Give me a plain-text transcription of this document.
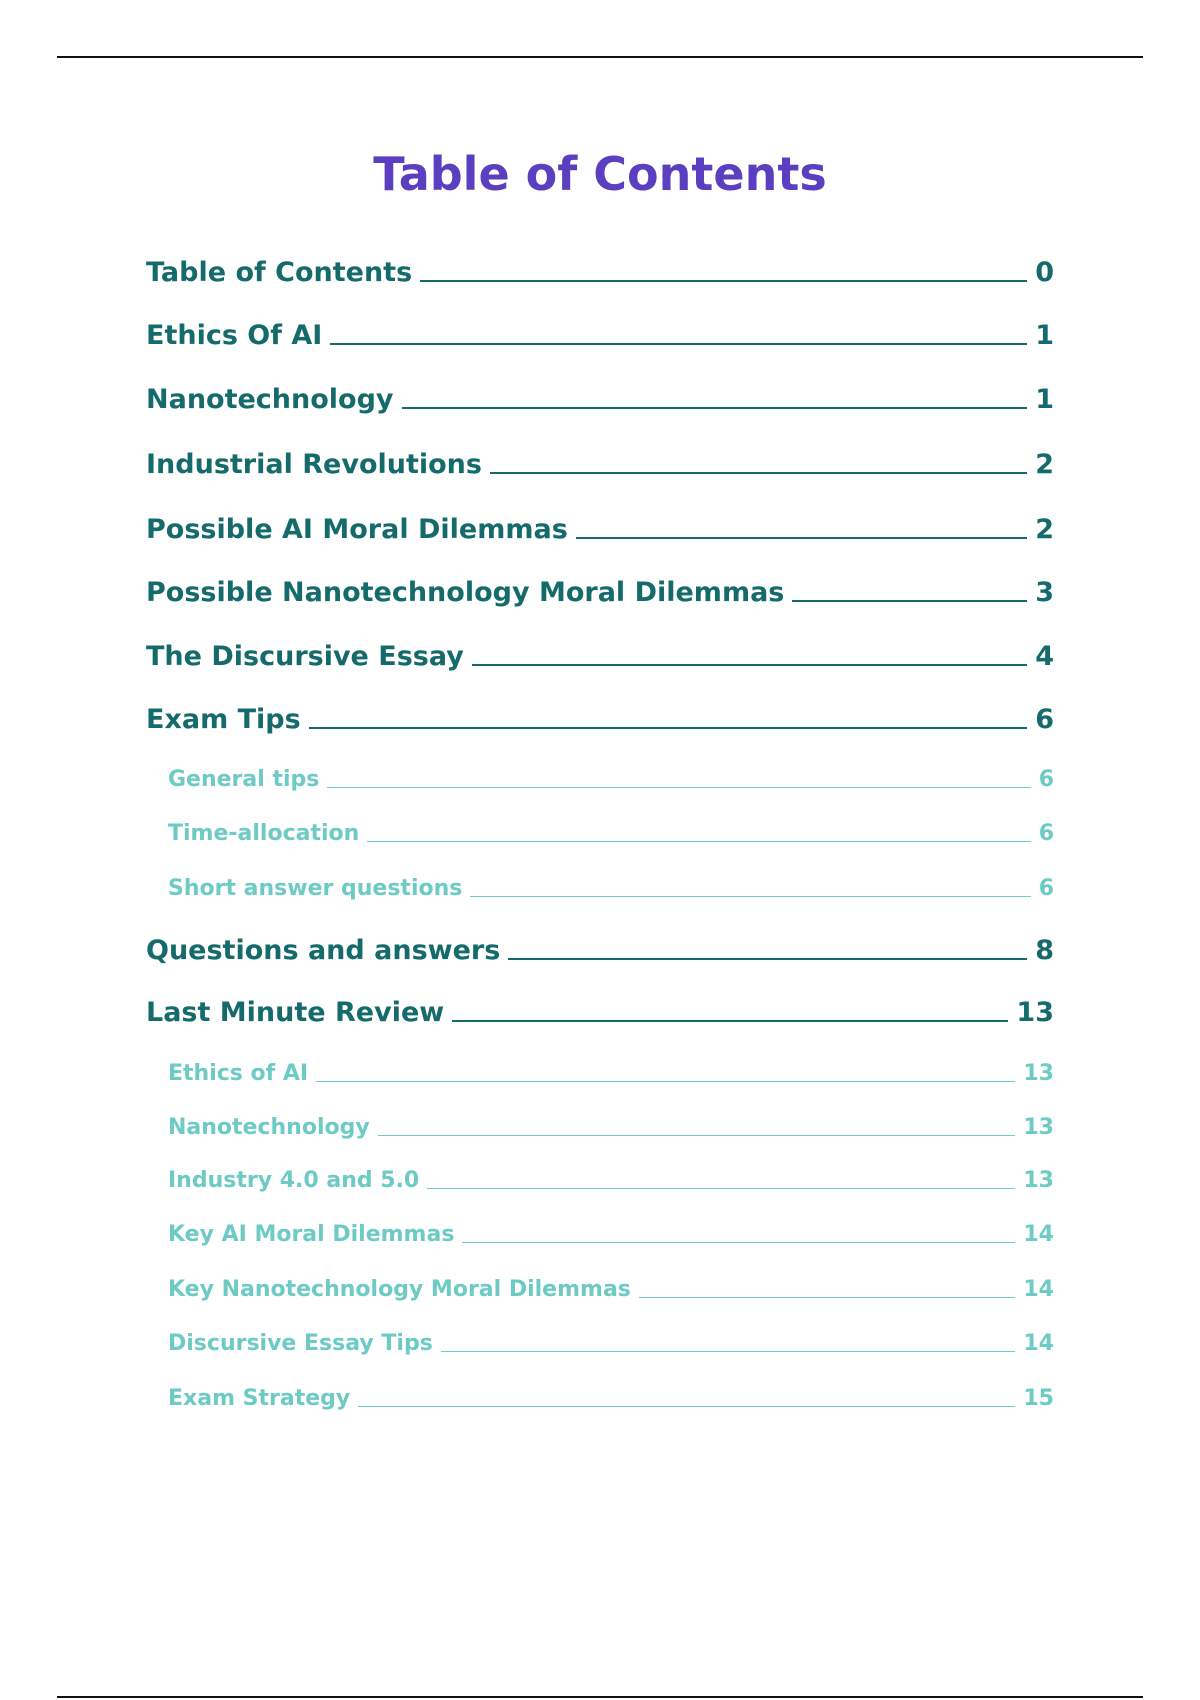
Table of Contents
Table of Contents	0
Ethics Of AI	1
Nanotechnology	1
Industrial Revolutions	2
Possible AI Moral Dilemmas	2
Possible Nanotechnology Moral Dilemmas	3
The Discursive Essay	4
Exam Tips	6
General tips	6
Time-allocation	6
Short answer questions	6
Questions and answers	8
Last Minute Review	13
Ethics of AI	13
Nanotechnology	13
Industry 4.0 and 5.0	13
Key AI Moral Dilemmas	14
Key Nanotechnology Moral Dilemmas	14
Discursive Essay Tips	14
Exam Strategy	15
